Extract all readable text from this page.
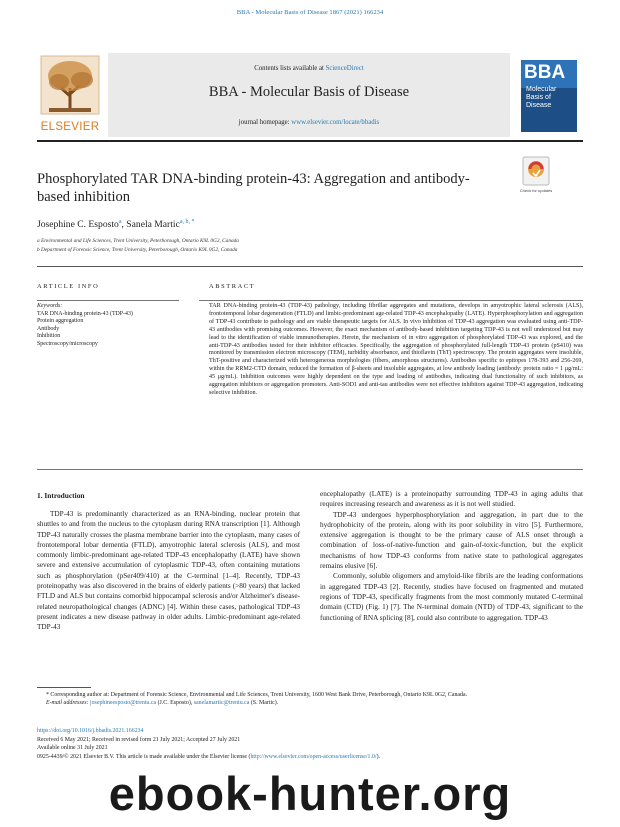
BBA - Molecular Basis of Disease 1867 (2021) 166234
ELSEVIER
Contents lists available at ScienceDirect
BBA - Molecular Basis of Disease
journal homepage: www.elsevier.com/locate/bbadis
BBA
Molecular Basis of Disease
Phosphorylated TAR DNA-binding protein-43: Aggregation and antibody-based inhibition	Check for updates
Josephine C. Esposto$^a$, Sanela Martic$^{a, b, *}$
a Environmental and Life Sciences, Trent University, Peterborough, Ontario K9L 0G2, Canada
b Department of Forensic Science, Trent University, Peterborough, Ontario K9L 0G2, Canada
ARTICLE INFO	ABSTRACT
Keywords:
TAR DNA-binding protein-43 (TDP-43)
Protein aggregation
Antibody
Inhibition
Spectroscopy/microscopy
TAR DNA-binding protein-43 (TDP-43) pathology, including fibrillar aggregates and mutations, develops in amyotrophic lateral sclerosis (ALS), frontotemporal lobar degeneration (FTLD) and limbic-predominant age-related TDP-43 encephalopathy (LATE). Hyperphosphorylation and aggregation of TDP-43 contribute to pathology and are viable therapeutic targets for ALS. In vivo inhibition of TDP-43 aggregation was evaluated using anti-TDP-43 antibodies with promising outcomes. However, the exact mechanism of antibody-based inhibition targeting TDP-43 is not well understood but may lead to the identification of viable immunotherapies. Herein, the mechanism of in vitro aggregation of phosphorylated TDP-43 was explored, and the anti-TDP-43 antibodies tested for their inhibitor efficacies. Specifically, the aggregation of phosphorylated full-length TDP-43 protein (pS410) was monitored by transmission electron microscopy (TEM), turbidity absorbance, and thioflavin (ThT) spectroscopy. The protein aggregates were insoluble, ThT-positive and characterized with heterogeneous morphologies (fibers, amorphous structures). Antibodies specific to epitopes 178-393 and 256-269, within the RRM2-CTD domain, reduced the formation of β-sheets and insoluble aggregates, at low antibody loading (antibody: protein ratio = 1 μg/mL: 45 μg/mL). Inhibition outcomes were highly dependent on the type and loading of antibodies, indicating dual functionality of such inhibitors, as aggregation inhibitors or aggregation promoters. Anti-SOD1 and anti-tau antibodies were not effective inhibitors against TDP-43 aggregation, indicating selective inhibition.
1. Introduction

TDP-43 is predominantly characterized as an RNA-binding, nuclear protein that shuttles to and from the nucleus to the cytoplasm during RNA transcription [1]. Although TDP-43 naturally crosses the plasma membrane barrier into the cytoplasm, many cases of frontotemporal lobar dementia (FTLD), amyotrophic lateral sclerosis (ALS), and most commonly limbic-predominant age-related TDP-43 encephalopathy (LATE) have shown severe and extensive accumulation of cytoplasmic TDP-43, often containing mutations such as phosphorylation (pSer409/410) at the C-terminal [1–4]. Recently, TDP-43 proteinopathy was also discovered in the brains of elderly patients (>80 years) that lacked FTLD and ALS but contains comorbid hippocampal sclerosis and/or Alzheimer's disease-related neuropathological changes (ADNC) [4]. Within these cases, pathological TDP-43 present indicates a new disease pathway in older adults. Limbic-predominant age-related TDP-43

encephalopathy (LATE) is a proteinopathy surrounding TDP-43 in aging adults that requires increasing research and awareness as it is not well studied.

TDP-43 undergoes hyperphosphorylation and aggregation, in part due to the hydrophobicity of the protein, along with its poor solubility in vitro [5]. Furthermore, extensive aggregation is thought to be the primary cause of ALS onset through a combination of loss-of-native-function and gain-of-toxic-function, but the explicit mechanisms of how TDP-43 conforms from native state to pathological aggregates remains elusive [6].

Commonly, soluble oligomers and amyloid-like fibrils are the leading conformations in aggregated TDP-43 [2]. Recently, studies have focused on fragmented and mutated regions of TDP-43, specifically fragments from the most commonly mutated C-terminal domain (CTD) (Fig. 1) [7]. The N-terminal domain (NTD) of TDP-43, significant to the functioning of RNA splicing [8], could also contribute to aggregation. TDP-43

* Corresponding author at: Department of Forensic Science, Environmental and Life Sciences, Trent University, 1600 West Bank Drive, Peterborough, Ontario K9L 0G2, Canada.
E-mail addresses: josephineesposto@trentu.ca (J.C. Esposto), sanelamartic@trentu.ca (S. Martic).
https://doi.org/10.1016/j.bbadis.2021.166234
Received 6 May 2021; Received in revised form 21 July 2021; Accepted 27 July 2021
Available online 31 July 2021
0925-4439/© 2021 Elsevier B.V. This article is made available under the Elsevier license (http://www.elsevier.com/open-access/userlicense/1.0/).
ebook-hunter.org
